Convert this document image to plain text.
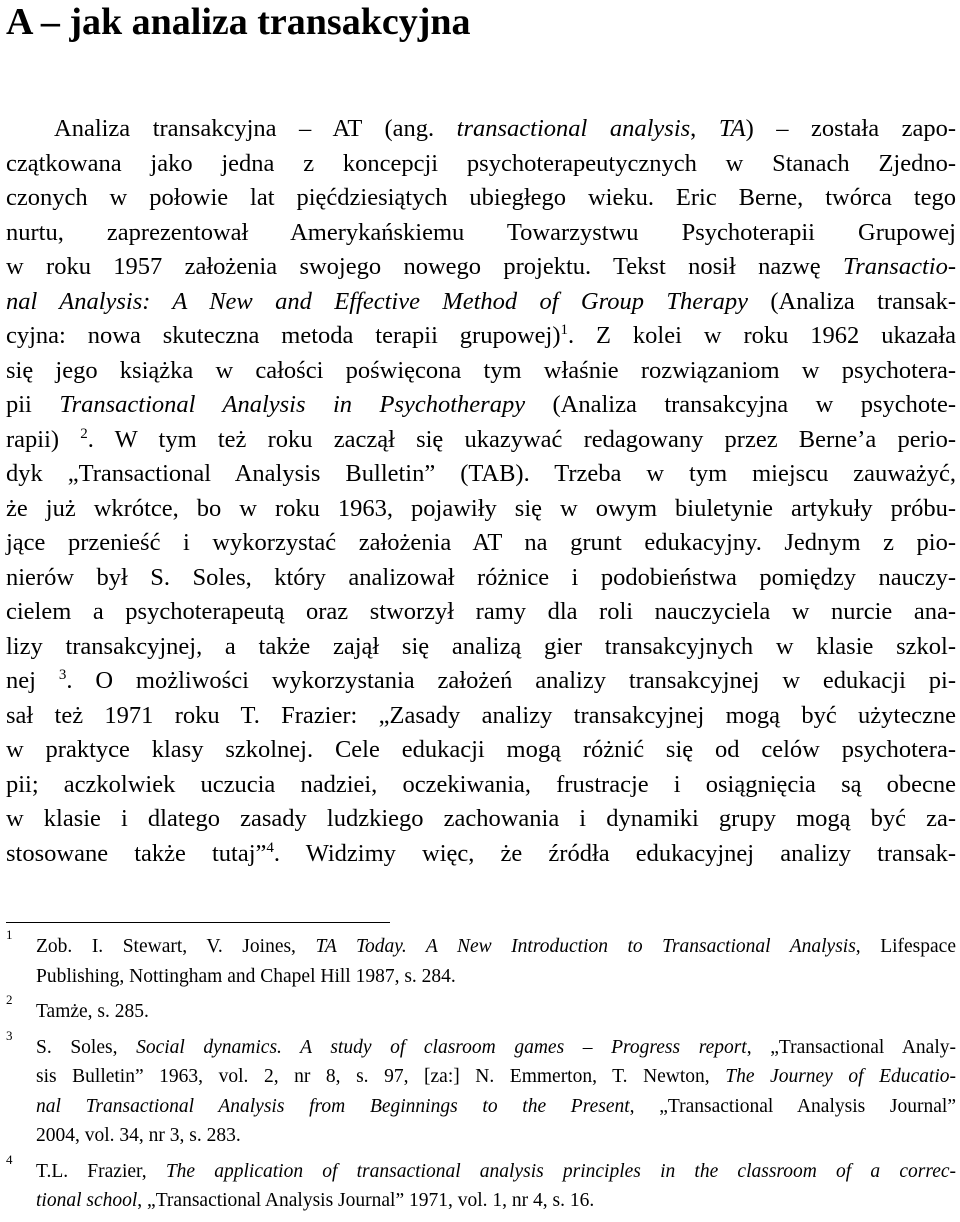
A – jak analiza transakcyjna
Analiza transakcyjna – AT (ang. transactional analysis, TA) – została zapo-
czątkowana jako jedna z koncepcji psychoterapeutycznych w Stanach Zjedno-
czonych w połowie lat pięćdziesiątych ubiegłego wieku. Eric Berne, twórca tego
nurtu, zaprezentował Amerykańskiemu Towarzystwu Psychoterapii Grupowej
w roku 1957 założenia swojego nowego projektu. Tekst nosił nazwę Transactio-
nal Analysis: A New and Effective Method of Group Therapy (Analiza transak-
cyjna: nowa skuteczna metoda terapii grupowej)$^1$. Z kolei w roku 1962 ukazała
się jego książka w całości poświęcona tym właśnie rozwiązaniom w psychotera-
pii Transactional Analysis in Psychotherapy (Analiza transakcyjna w psychote-
rapii) $^2$. W tym też roku zaczął się ukazywać redagowany przez Berne’a perio-
dyk „Transactional Analysis Bulletin” (TAB). Trzeba w tym miejscu zauważyć,
że już wkrótce, bo w roku 1963, pojawiły się w owym biuletynie artykuły próbu-
jące przenieść i wykorzystać założenia AT na grunt edukacyjny. Jednym z pio-
nierów był S. Soles, który analizował różnice i podobieństwa pomiędzy nauczy-
cielem a psychoterapeutą oraz stworzył ramy dla roli nauczyciela w nurcie ana-
lizy transakcyjnej, a także zajął się analizą gier transakcyjnych w klasie szkol-
nej $^3$. O możliwości wykorzystania założeń analizy transakcyjnej w edukacji pi-
sał też 1971 roku T. Frazier: „Zasady analizy transakcyjnej mogą być użyteczne
w praktyce klasy szkolnej. Cele edukacji mogą różnić się od celów psychotera-
pii; aczkolwiek uczucia nadziei, oczekiwania, frustracje i osiągnięcia są obecne
w klasie i dlatego zasady ludzkiego zachowania i dynamiki grupy mogą być za-
stosowane także tutaj”$^4$. Widzimy więc, że źródła edukacyjnej analizy transak-
1
Zob. I. Stewart, V. Joines, TA Today. A New Introduction to Transactional Analysis, Lifespace
Publishing, Nottingham and Chapel Hill 1987, s. 284.
2
Tamże, s. 285.
3
S. Soles, Social dynamics. A study of clasroom games – Progress report, „Transactional Analy-
sis Bulletin” 1963, vol. 2, nr 8, s. 97, [za:] N. Emmerton, T. Newton, The Journey of Educatio-
nal Transactional Analysis from Beginnings to the Present, „Transactional Analysis Journal”
2004, vol. 34, nr 3, s. 283.
4
T.L. Frazier, The application of transactional analysis principles in the classroom of a correc-
tional school, „Transactional Analysis Journal” 1971, vol. 1, nr 4, s. 16.
